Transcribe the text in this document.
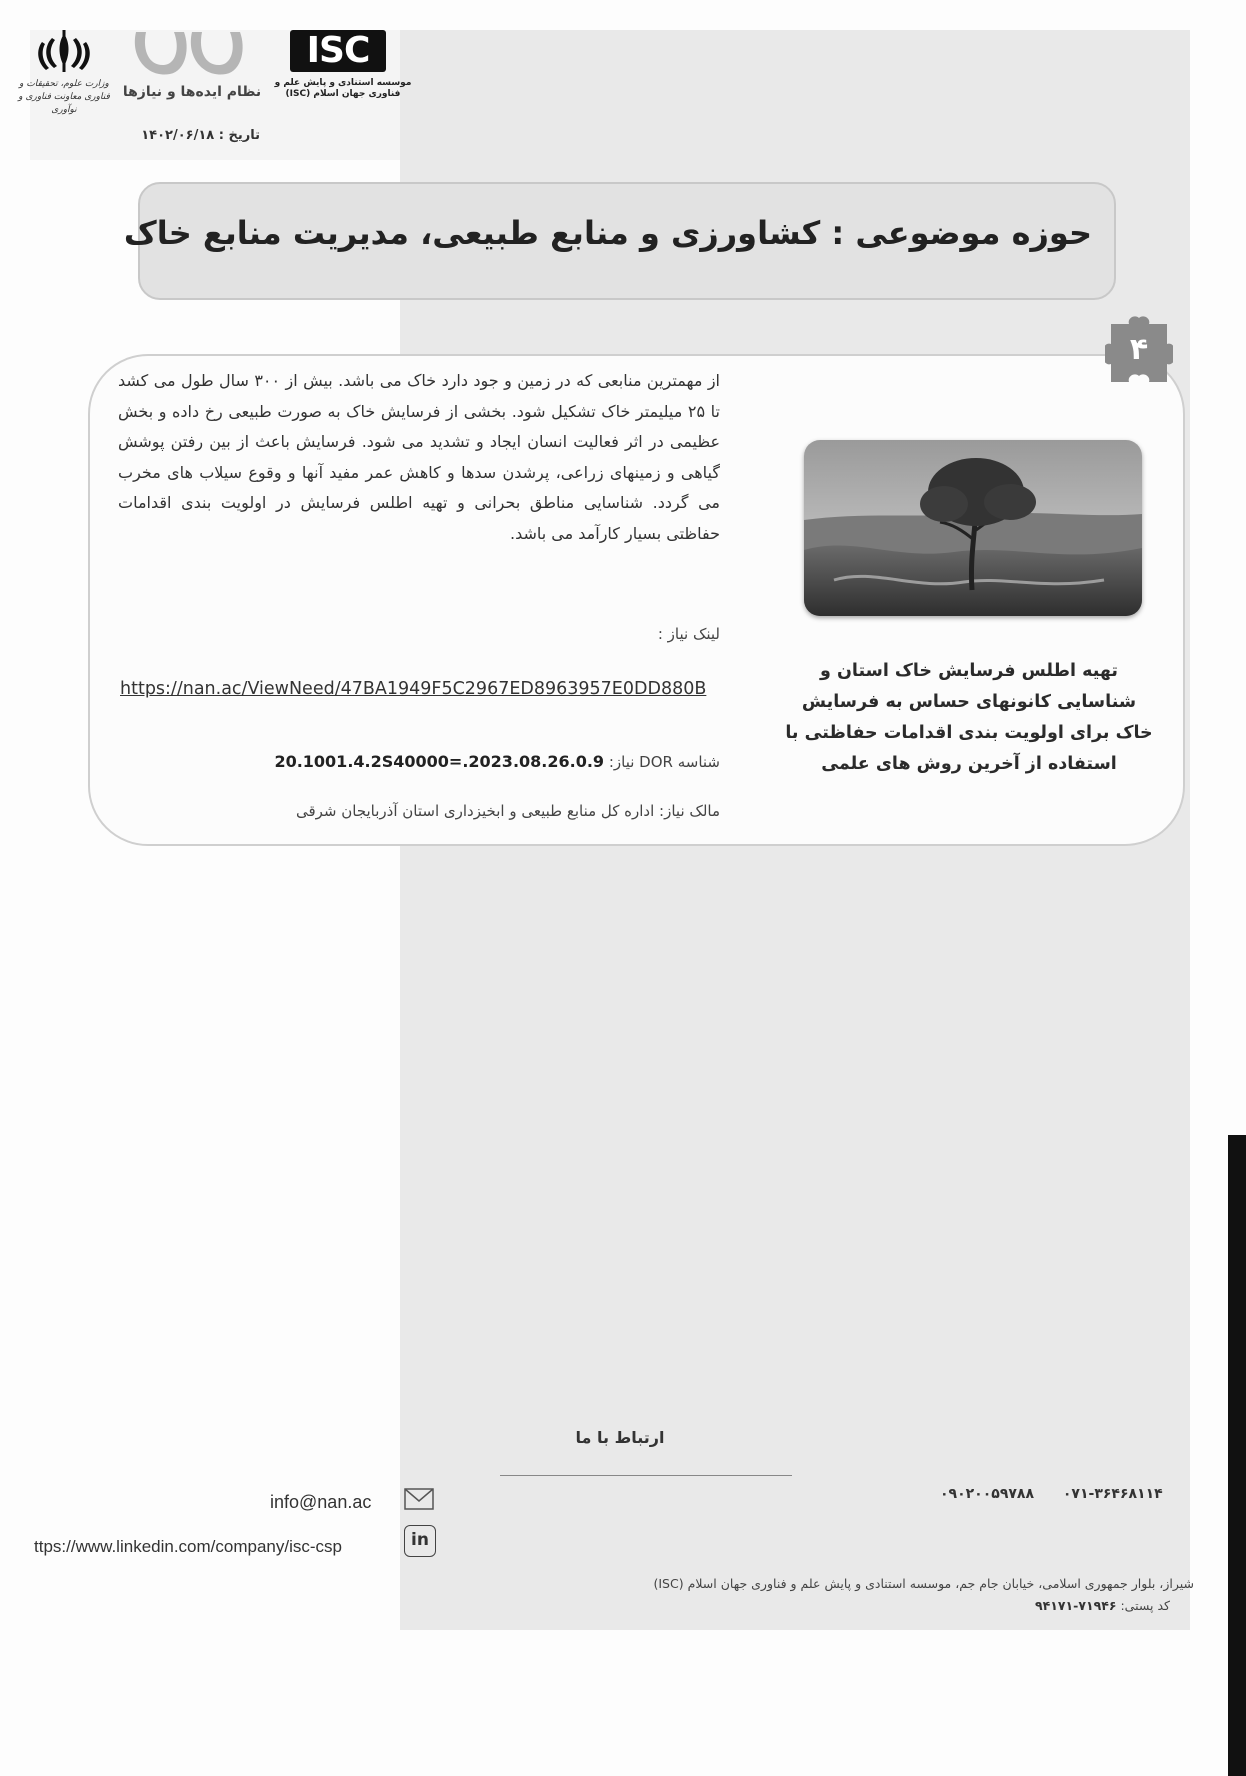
وزارت علوم، تحقیقات و فناوری معاونت فناوری و نوآوری
نظام ایده‌ها و نیازها
ISC
موسسه استنادی و پایش علم و فناوری جهان اسلام (ISC)
تاریخ : ۱۴۰۲/۰۶/۱۸
حوزه موضوعی : کشاورزی و منابع طبیعی، مدیریت منابع خاک
۴
تهیه اطلس فرسایش خاک استان و شناسایی کانونهای حساس به فرسایش خاک برای اولویت بندی اقدامات حفاظتی با استفاده از آخرین روش های علمی
از مهمترین منابعی که در زمین و جود دارد خاک می باشد. بیش از ۳۰۰ سال طول می کشد تا ۲۵ میلیمتر خاک تشکیل شود. بخشی از فرسایش خاک به صورت طبیعی رخ داده و بخش عظیمی در اثر فعالیت انسان ایجاد و تشدید می شود. فرسایش باعث از بین رفتن پوشش گیاهی و زمینهای زراعی، پرشدن سدها و کاهش عمر مفید آنها و وقوع سیلاب های مخرب می گردد. شناسایی مناطق بحرانی و تهیه اطلس فرسایش در اولویت بندی اقدامات حفاظتی بسیار کارآمد می باشد.
لینک نیاز :
https://nan.ac/ViewNeed/47BA1949F5C2967ED8963957E0DD880B
شناسه DOR نیاز: 20.1001.4.2S40000=.2023.08.26.0.9
مالک نیاز: اداره کل منابع طبیعی و ابخیزداری استان آذربایجان شرقی
ارتباط با ما
۰۹۰۲۰۰۵۹۷۸۸ ۰۷۱-۳۶۴۶۸۱۱۴
info@nan.ac
ttps://www.linkedin.com/company/isc-csp	in
شیراز، بلوار جمهوری اسلامی، خیابان جام جم، موسسه استنادی و پایش علم و فناوری جهان اسلام (ISC)
کد پستی: ۷۱۹۴۶-۹۴۱۷۱
